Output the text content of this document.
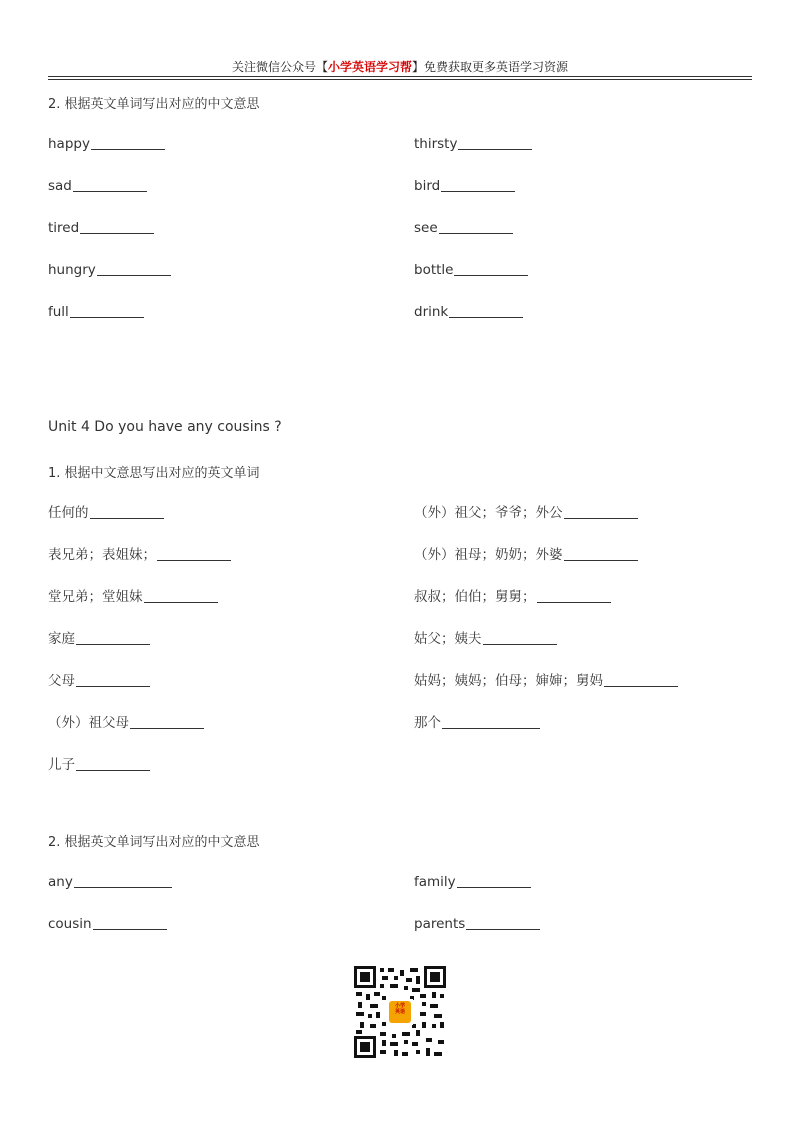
关注微信公众号【小学英语学习帮】免费获取更多英语学习资源
2. 根据英文单词写出对应的中文意思
happy
sad
tired
hungry
full
thirsty
bird
see
bottle
drink
Unit 4 Do you have any cousins ?
1. 根据中文意思写出对应的英文单词
任何的
表兄弟；表姐妹；
堂兄弟；堂姐妹
家庭
父母
（外）祖父母
儿子
（外）祖父；爷爷；外公
（外）祖母；奶奶；外婆
叔叔；伯伯；舅舅；
姑父；姨夫
姑妈；姨妈；伯母；婶婶；舅妈
那个
2. 根据英文单词写出对应的中文意思
any
cousin
family
parents
小学
英语
